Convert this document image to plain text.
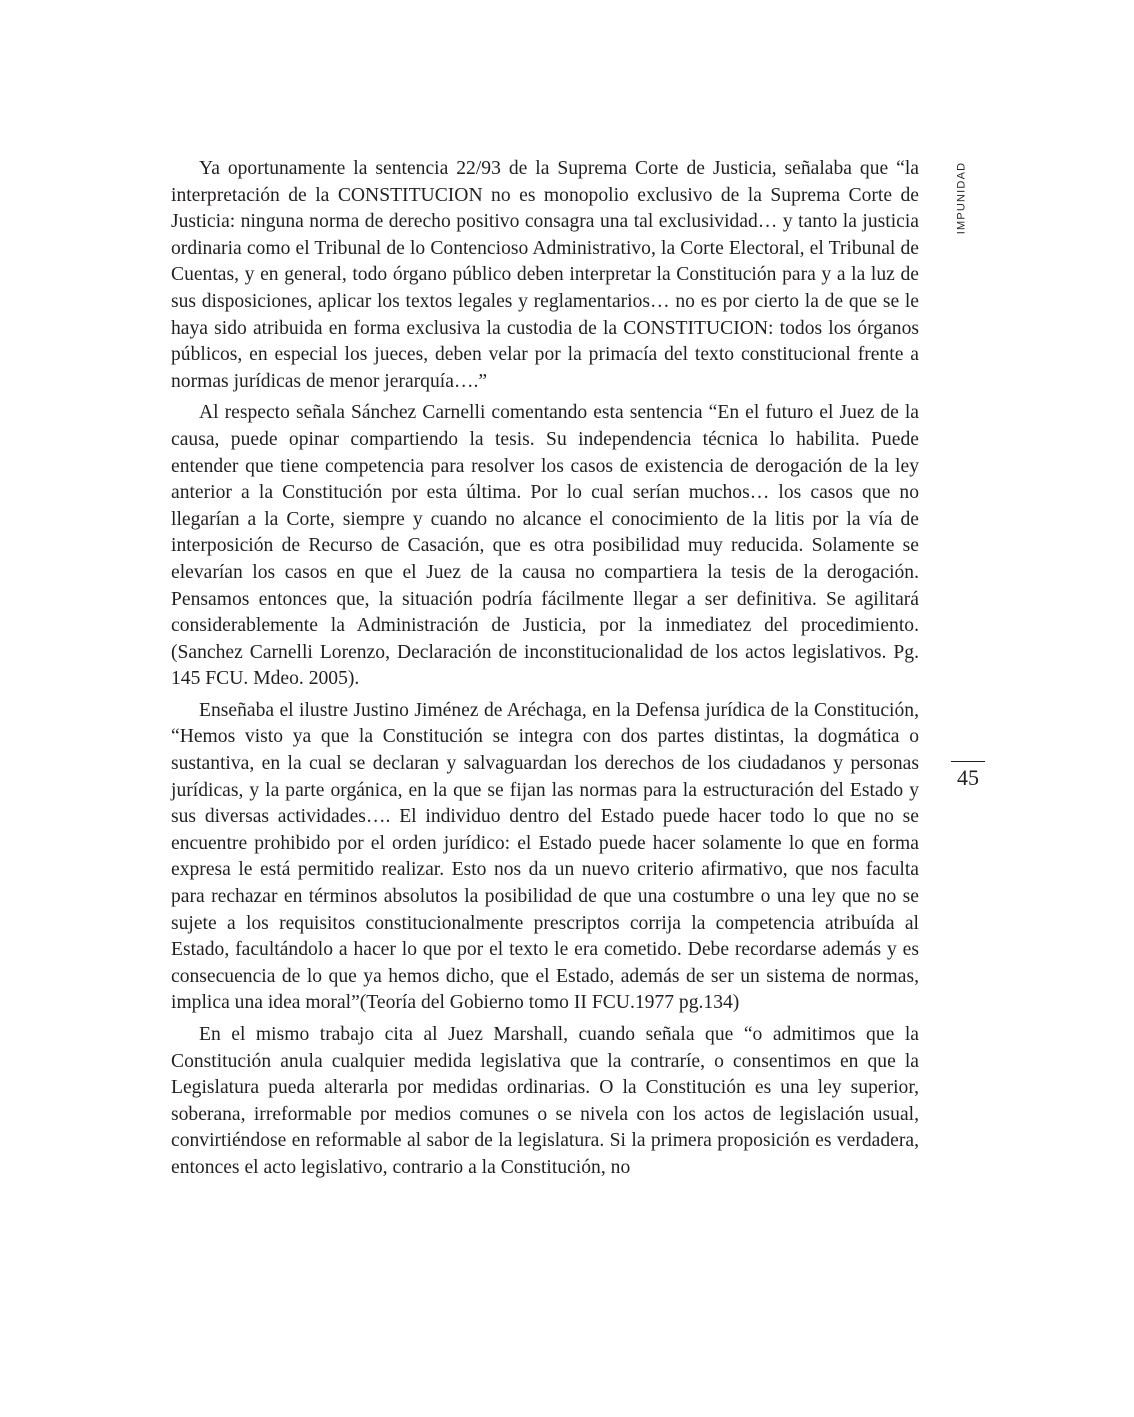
IMPUNIDAD
45

Ya oportunamente la sentencia 22/93 de la Suprema Corte de Justicia, señalaba que “la interpretación de la CONSTITUCION no es monopolio exclusivo de la Suprema Corte de Justicia: ninguna norma de derecho positivo consagra una tal exclusividad… y tanto la justicia ordinaria como el Tribunal de lo Contencioso Administrativo, la Corte Electoral, el Tribunal de Cuentas, y en general, todo órgano público deben interpretar la Constitución para y a la luz de sus disposiciones, aplicar los textos legales y reglamentarios… no es por cierto la de que se le haya sido atribuida en forma exclusiva la custodia de la CONSTITUCION: todos los órganos públicos, en especial los jueces, deben velar por la primacía del texto constitucional frente a normas jurídicas de menor jerarquía….”

Al respecto señala Sánchez Carnelli comentando esta sentencia “En el futuro el Juez de la causa, puede opinar compartiendo la tesis. Su independencia técnica lo habilita. Puede entender que tiene competencia para resolver los casos de existencia de derogación de la ley anterior a la Constitución por esta última. Por lo cual serían muchos… los casos que no llegarían a la Corte, siempre y cuando no alcance el conocimiento de la litis por la vía de interposición de Recurso de Casación, que es otra posibilidad muy reducida. Solamente se elevarían los casos en que el Juez de la causa no compartiera la tesis de la derogación. Pensamos entonces que, la situación podría fácilmente llegar a ser definitiva. Se agilitará considerablemente la Administración de Justicia, por la inmediatez del procedimiento.(Sanchez Carnelli Lorenzo, Declaración de inconstitucionalidad de los actos legislativos. Pg. 145 FCU. Mdeo. 2005).

Enseñaba el ilustre Justino Jiménez de Aréchaga, en la Defensa jurídica de la Constitución, “Hemos visto ya que la Constitución se integra con dos partes distintas, la dogmática o sustantiva, en la cual se declaran y salvaguardan los derechos de los ciudadanos y personas jurídicas, y la parte orgánica, en la que se fijan las normas para la estructuración del Estado y sus diversas actividades…. El individuo dentro del Estado puede hacer todo lo que no se encuentre prohibido por el orden jurídico: el Estado puede hacer solamente lo que en forma expresa le está permitido realizar. Esto nos da un nuevo criterio afirmativo, que nos faculta para rechazar en términos absolutos la posibilidad de que una costumbre o una ley que no se sujete a los requisitos constitucionalmente prescriptos corrija la competencia atribuída al Estado, facultándolo a hacer lo que por el texto le era cometido. Debe recordarse además y es consecuencia de lo que ya hemos dicho, que el Estado, además de ser un sistema de normas, implica una idea moral”(Teoría del Gobierno tomo II FCU.1977 pg.134)

En el mismo trabajo cita al Juez Marshall, cuando señala que “o admitimos que la Constitución anula cualquier medida legislativa que la contraríe, o consentimos en que la Legislatura pueda alterarla por medidas ordinarias. O la Constitución es una ley superior, soberana, irreformable por medios comunes o se nivela con los actos de legislación usual, convirtiéndose en reformable al sabor de la legislatura. Si la primera proposición es verdadera, entonces el acto legislativo, contrario a la Constitución, no
